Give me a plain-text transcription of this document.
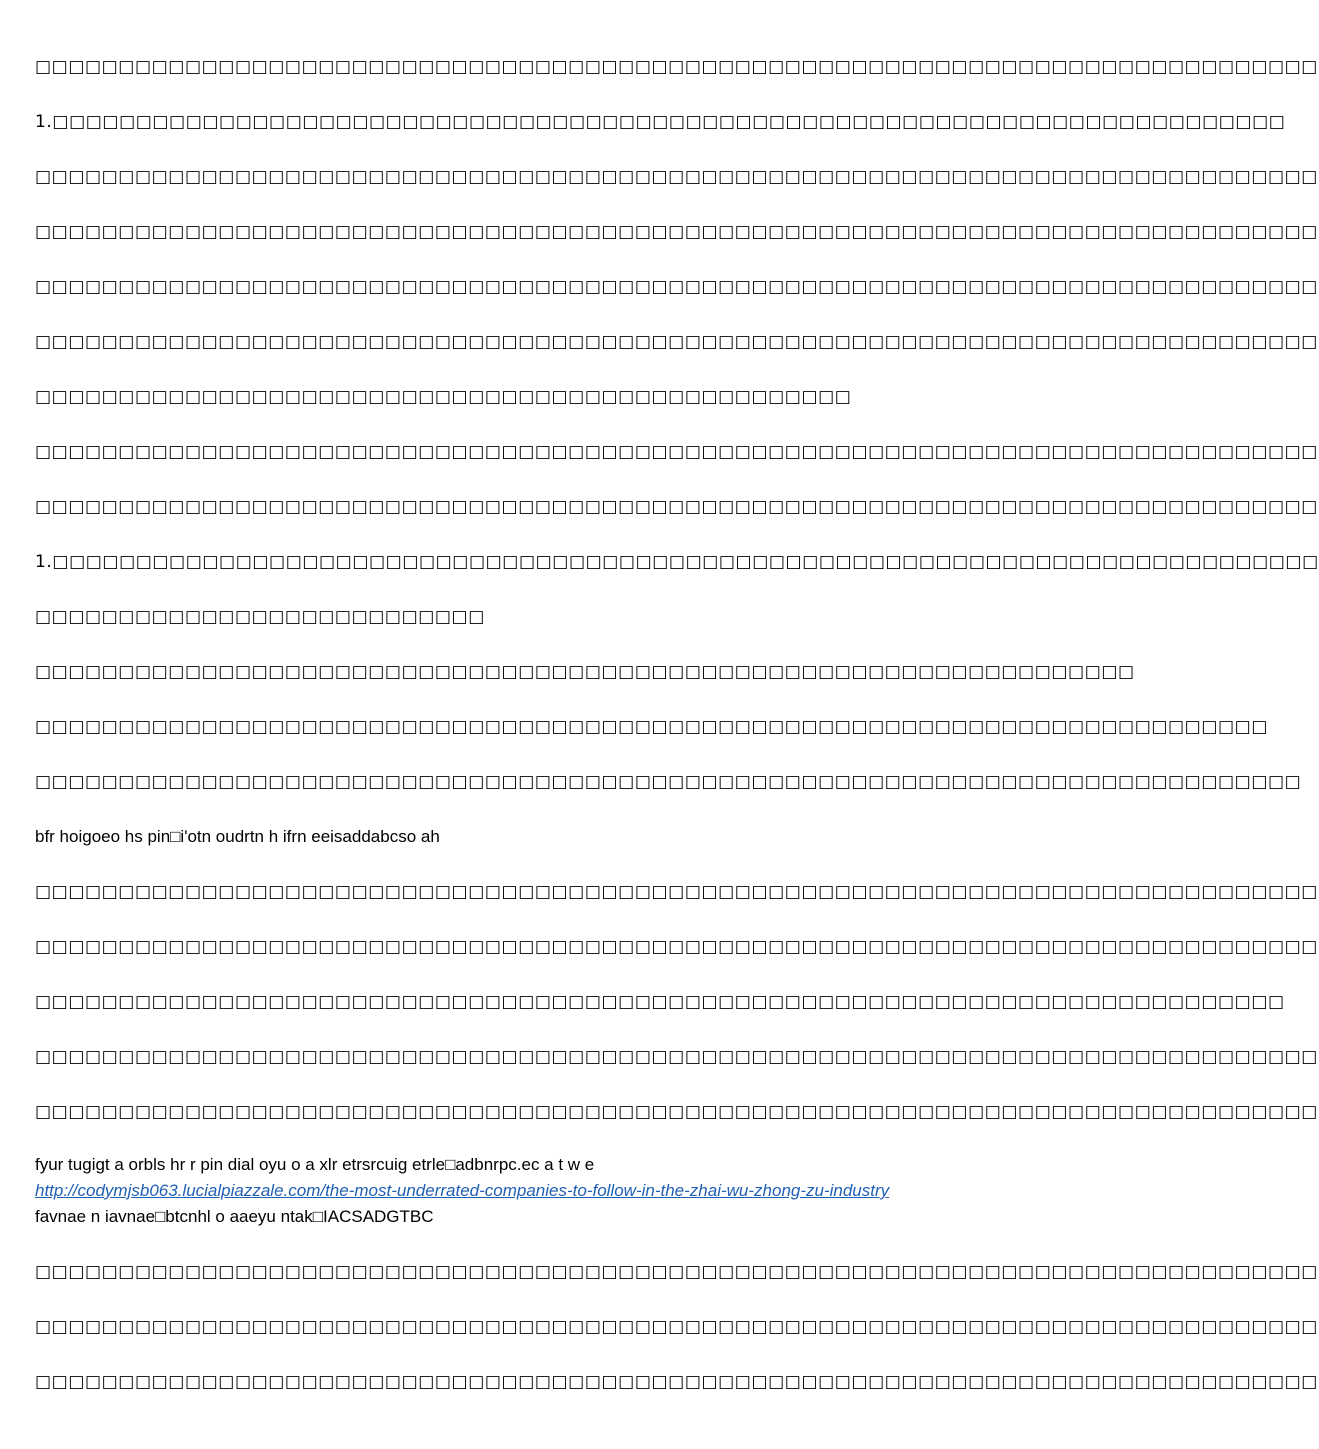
□□□□□□□□□□□□□□□□□□□□□□□□□□□□□□□□□□□□□□□□□□□□□□□□□□□□□□□□□□□□□□□□□□□□□□□□□□□□□
1.□□□□□□□□□□□□□□□□□□□□□□□□□□□□□□□□□□□□□□□□□□□□□□□□□□□□□□□□□□□□□□□□□□□□□□□□□□
□□□□□□□□□□□□□□□□□□□□□□□□□□□□□□□□□□□□□□□□□□□□□□□□□□□□□□□□□□□□□□□□□□□□□□□□□□□□□
□□□□□□□□□□□□□□□□□□□□□□□□□□□□□□□□□□□□□□□□□□□□□□□□□□□□□□□□□□□□□□□□□□□□□□□□□□□□□
□□□□□□□□□□□□□□□□□□□□□□□□□□□□□□□□□□□□□□□□□□□□□□□□□□□□□□□□□□□□□□□□□□□□□□□□□□□□□
□□□□□□□□□□□□□□□□□□□□□□□□□□□□□□□□□□□□□□□□□□□□□□□□□□□□□□□□□□□□□□□□□□□□□□□□□□□□□
□□□□□□□□□□□□□□□□□□□□□□□□□□□□□□□□□□□□□□□□□□□□□□□□□
□□□□□□□□□□□□□□□□□□□□□□□□□□□□□□□□□□□□□□□□□□□□□□□□□□□□□□□□□□□□□□□□□□□□□□□□□□□□□
□□□□□□□□□□□□□□□□□□□□□□□□□□□□□□□□□□□□□□□□□□□□□□□□□□□□□□□□□□□□□□□□□□□□□□□□□□□□□
1.□□□□□□□□□□□□□□□□□□□□□□□□□□□□□□□□□□□□□□□□□□□□□□□□□□□□□□□□□□□□□□□□□□□□□□□□□□□□
□□□□□□□□□□□□□□□□□□□□□□□□□□□
□□□□□□□□□□□□□□□□□□□□□□□□□□□□□□□□□□□□□□□□□□□□□□□□□□□□□□□□□□□□□□□□□□
□□□□□□□□□□□□□□□□□□□□□□□□□□□□□□□□□□□□□□□□□□□□□□□□□□□□□□□□□□□□□□□□□□□□□□□□□□
□□□□□□□□□□□□□□□□□□□□□□□□□□□□□□□□□□□□□□□□□□□□□□□□□□□□□□□□□□□□□□□□□□□□□□□□□□□□
bfr hoigoeo hs pin□i'otn oudrtn h ifrn eeisaddabcso ah
□□□□□□□□□□□□□□□□□□□□□□□□□□□□□□□□□□□□□□□□□□□□□□□□□□□□□□□□□□□□□□□□□□□□□□□□□□□□□
□□□□□□□□□□□□□□□□□□□□□□□□□□□□□□□□□□□□□□□□□□□□□□□□□□□□□□□□□□□□□□□□□□□□□□□□□□□□□
□□□□□□□□□□□□□□□□□□□□□□□□□□□□□□□□□□□□□□□□□□□□□□□□□□□□□□□□□□□□□□□□□□□□□□□□□□□
□□□□□□□□□□□□□□□□□□□□□□□□□□□□□□□□□□□□□□□□□□□□□□□□□□□□□□□□□□□□□□□□□□□□□□□□□□□□□
□□□□□□□□□□□□□□□□□□□□□□□□□□□□□□□□□□□□□□□□□□□□□□□□□□□□□□□□□□□□□□□□□□□□□□□□□□□□□
fyur tugigt a orbls hr r pin dial oyu o a xlr etrsrcuig etrle□adbnrpc.ec a t w e
http://codymjsb063.lucialpiazzale.com/the-most-underrated-companies-to-follow-in-the-zhai-wu-zhong-zu-industry
favnae n iavnae□btcnhl o aaeyu ntak□IACSADGTBC
□□□□□□□□□□□□□□□□□□□□□□□□□□□□□□□□□□□□□□□□□□□□□□□□□□□□□□□□□□□□□□□□□□□□□□□□□□□□□
□□□□□□□□□□□□□□□□□□□□□□□□□□□□□□□□□□□□□□□□□□□□□□□□□□□□□□□□□□□□□□□□□□□□□□□□□□□□□
□□□□□□□□□□□□□□□□□□□□□□□□□□□□□□□□□□□□□□□□□□□□□□□□□□□□□□□□□□□□□□□□□□□□□□□□□□□□□
